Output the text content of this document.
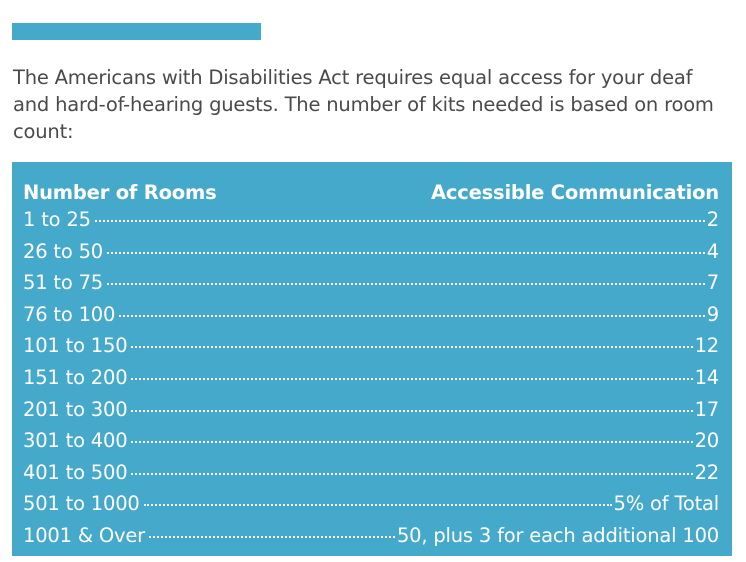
The Americans with Disabilities Act requires equal access for your deaf and hard-of-hearing guests. The number of kits needed is based on room count:

Number of Rooms	Accessible Communication
1 to 25	2
26 to 50	4
51 to 75	7
76 to 100	9
101 to 150	12
151 to 200	14
201 to 300	17
301 to 400	20
401 to 500	22
501 to 1000	5% of Total
1001 & Over	50, plus 3 for each additional 100
